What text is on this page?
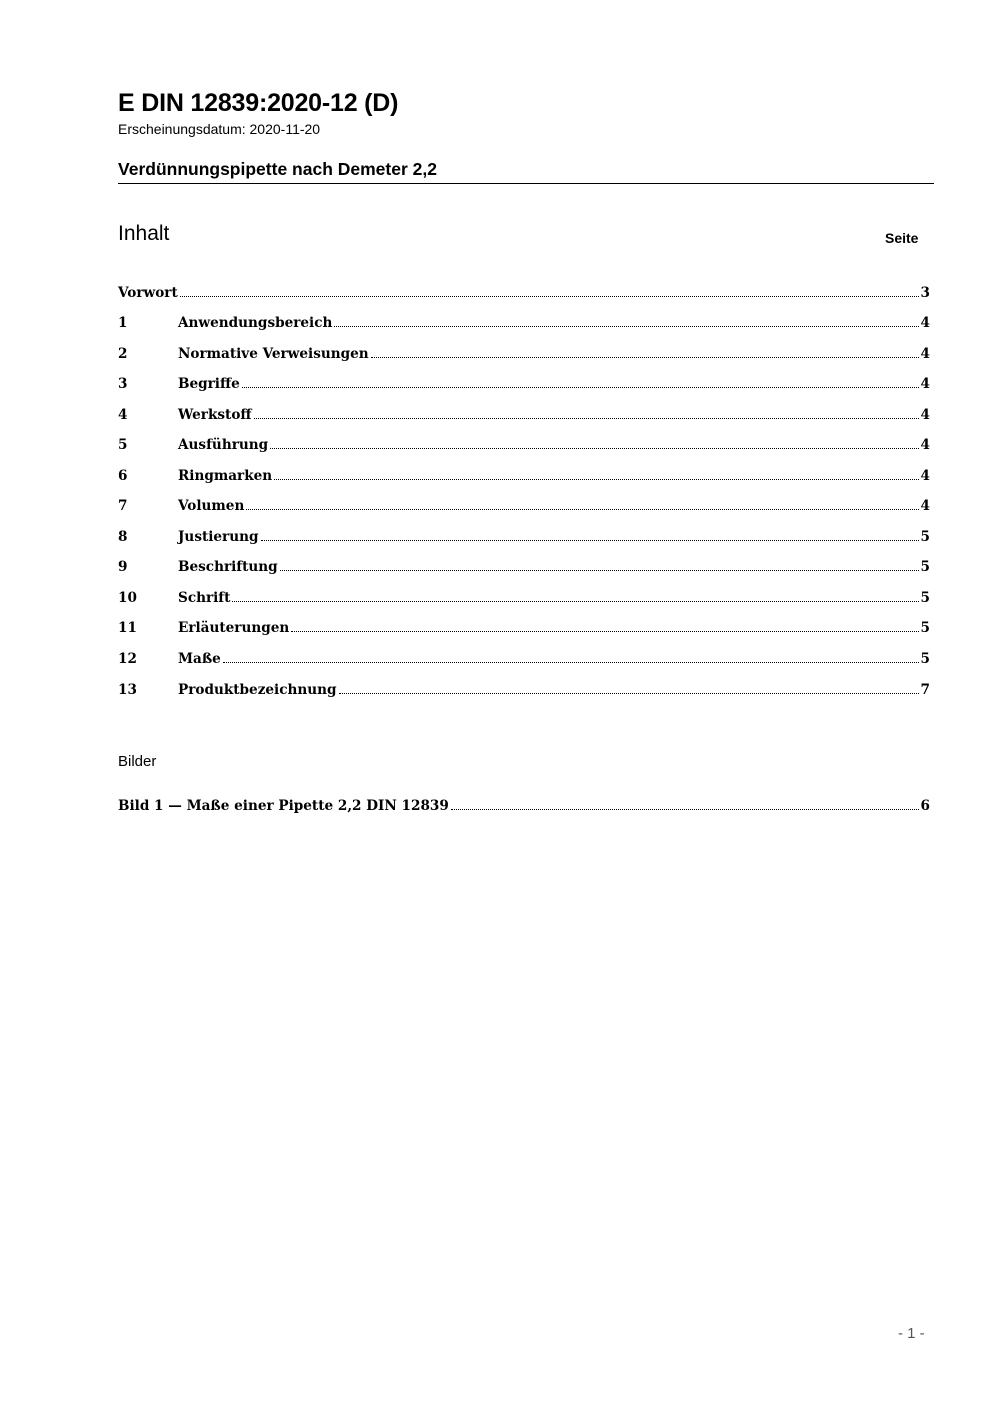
E DIN 12839:2020-12 (D)
Erscheinungsdatum: 2020-11-20
Verdünnungspipette nach Demeter 2,2
Inhalt	Seite
Vorwort	3
1	Anwendungsbereich	4
2	Normative Verweisungen	4
3	Begriffe	4
4	Werkstoff	4
5	Ausführung	4
6	Ringmarken	4
7	Volumen	4
8	Justierung	5
9	Beschriftung	5
10	Schrift	5
11	Erläuterungen	5
12	Maße	5
13	Produktbezeichnung	7
Bilder
Bild 1 — Maße einer Pipette 2,2 DIN 12839	6
- 1 -
